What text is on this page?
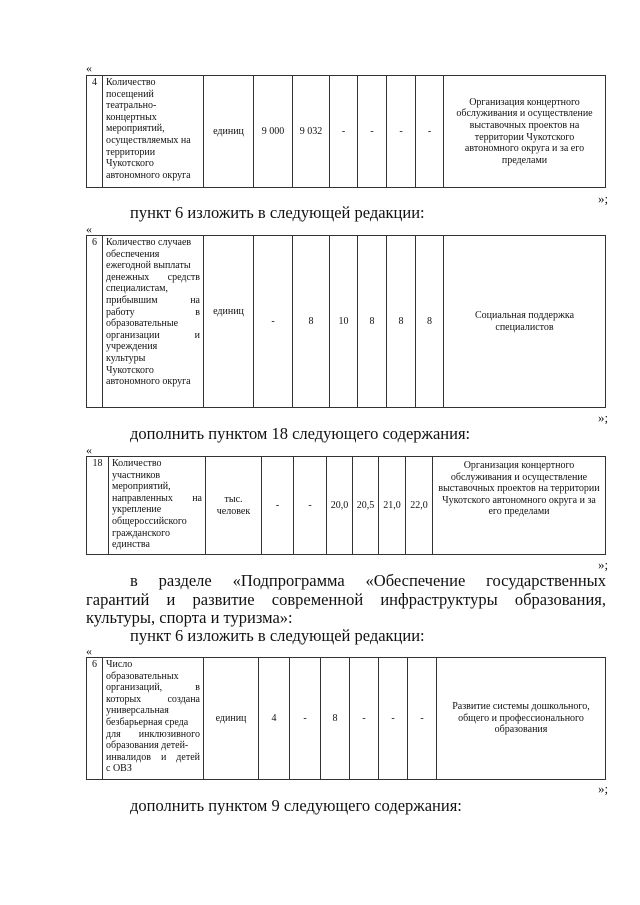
«
4	Количество
посещений
театрально-
концертных
мероприятий,
осуществляемых на
территории
Чукотского
автономного округа	единиц	9 000	9 032	-	-	-	-	Организация концертного обслуживания и осуществление выставочных проектов на территории Чукотского автономного округа и за его пределами
»;

пункт 6 изложить в следующей редакции:

«
6	Количество случаев
обеспечения
ежегодной выплаты

денежных средств
специалистам,

прибывшим на
работу в
образовательные

организации и
учреждения
культуры
Чукотского
автономного округа	единиц	-	8	10	8	8	8	Социальная поддержка специалистов
»;

дополнить пунктом 18 следующего содержания:

«
18	Количество
участников
мероприятий,

направленных на
укрепление
общероссийского
гражданского
единства	тыс. человек	-	-	20,0	20,5	21,0	22,0	Организация концертного обслуживания и осуществление выставочных проектов на территории Чукотского автономного округа и за его пределами
»;

в разделе «Подпрограмма «Обеспечение государственных гарантий и развитие современной инфраструктуры образования, культуры, спорта и туризма»:

пункт 6 изложить в следующей редакции:

«
6	Число
образовательных

организаций, в
которых создана
универсальная
безбарьерная среда

для инклюзивного
образования детей-

инвалидов и детей
с ОВЗ	единиц	4	-	8	-	-	-	Развитие системы дошкольного, общего и профессионального образования
»;

дополнить пунктом 9 следующего содержания:
